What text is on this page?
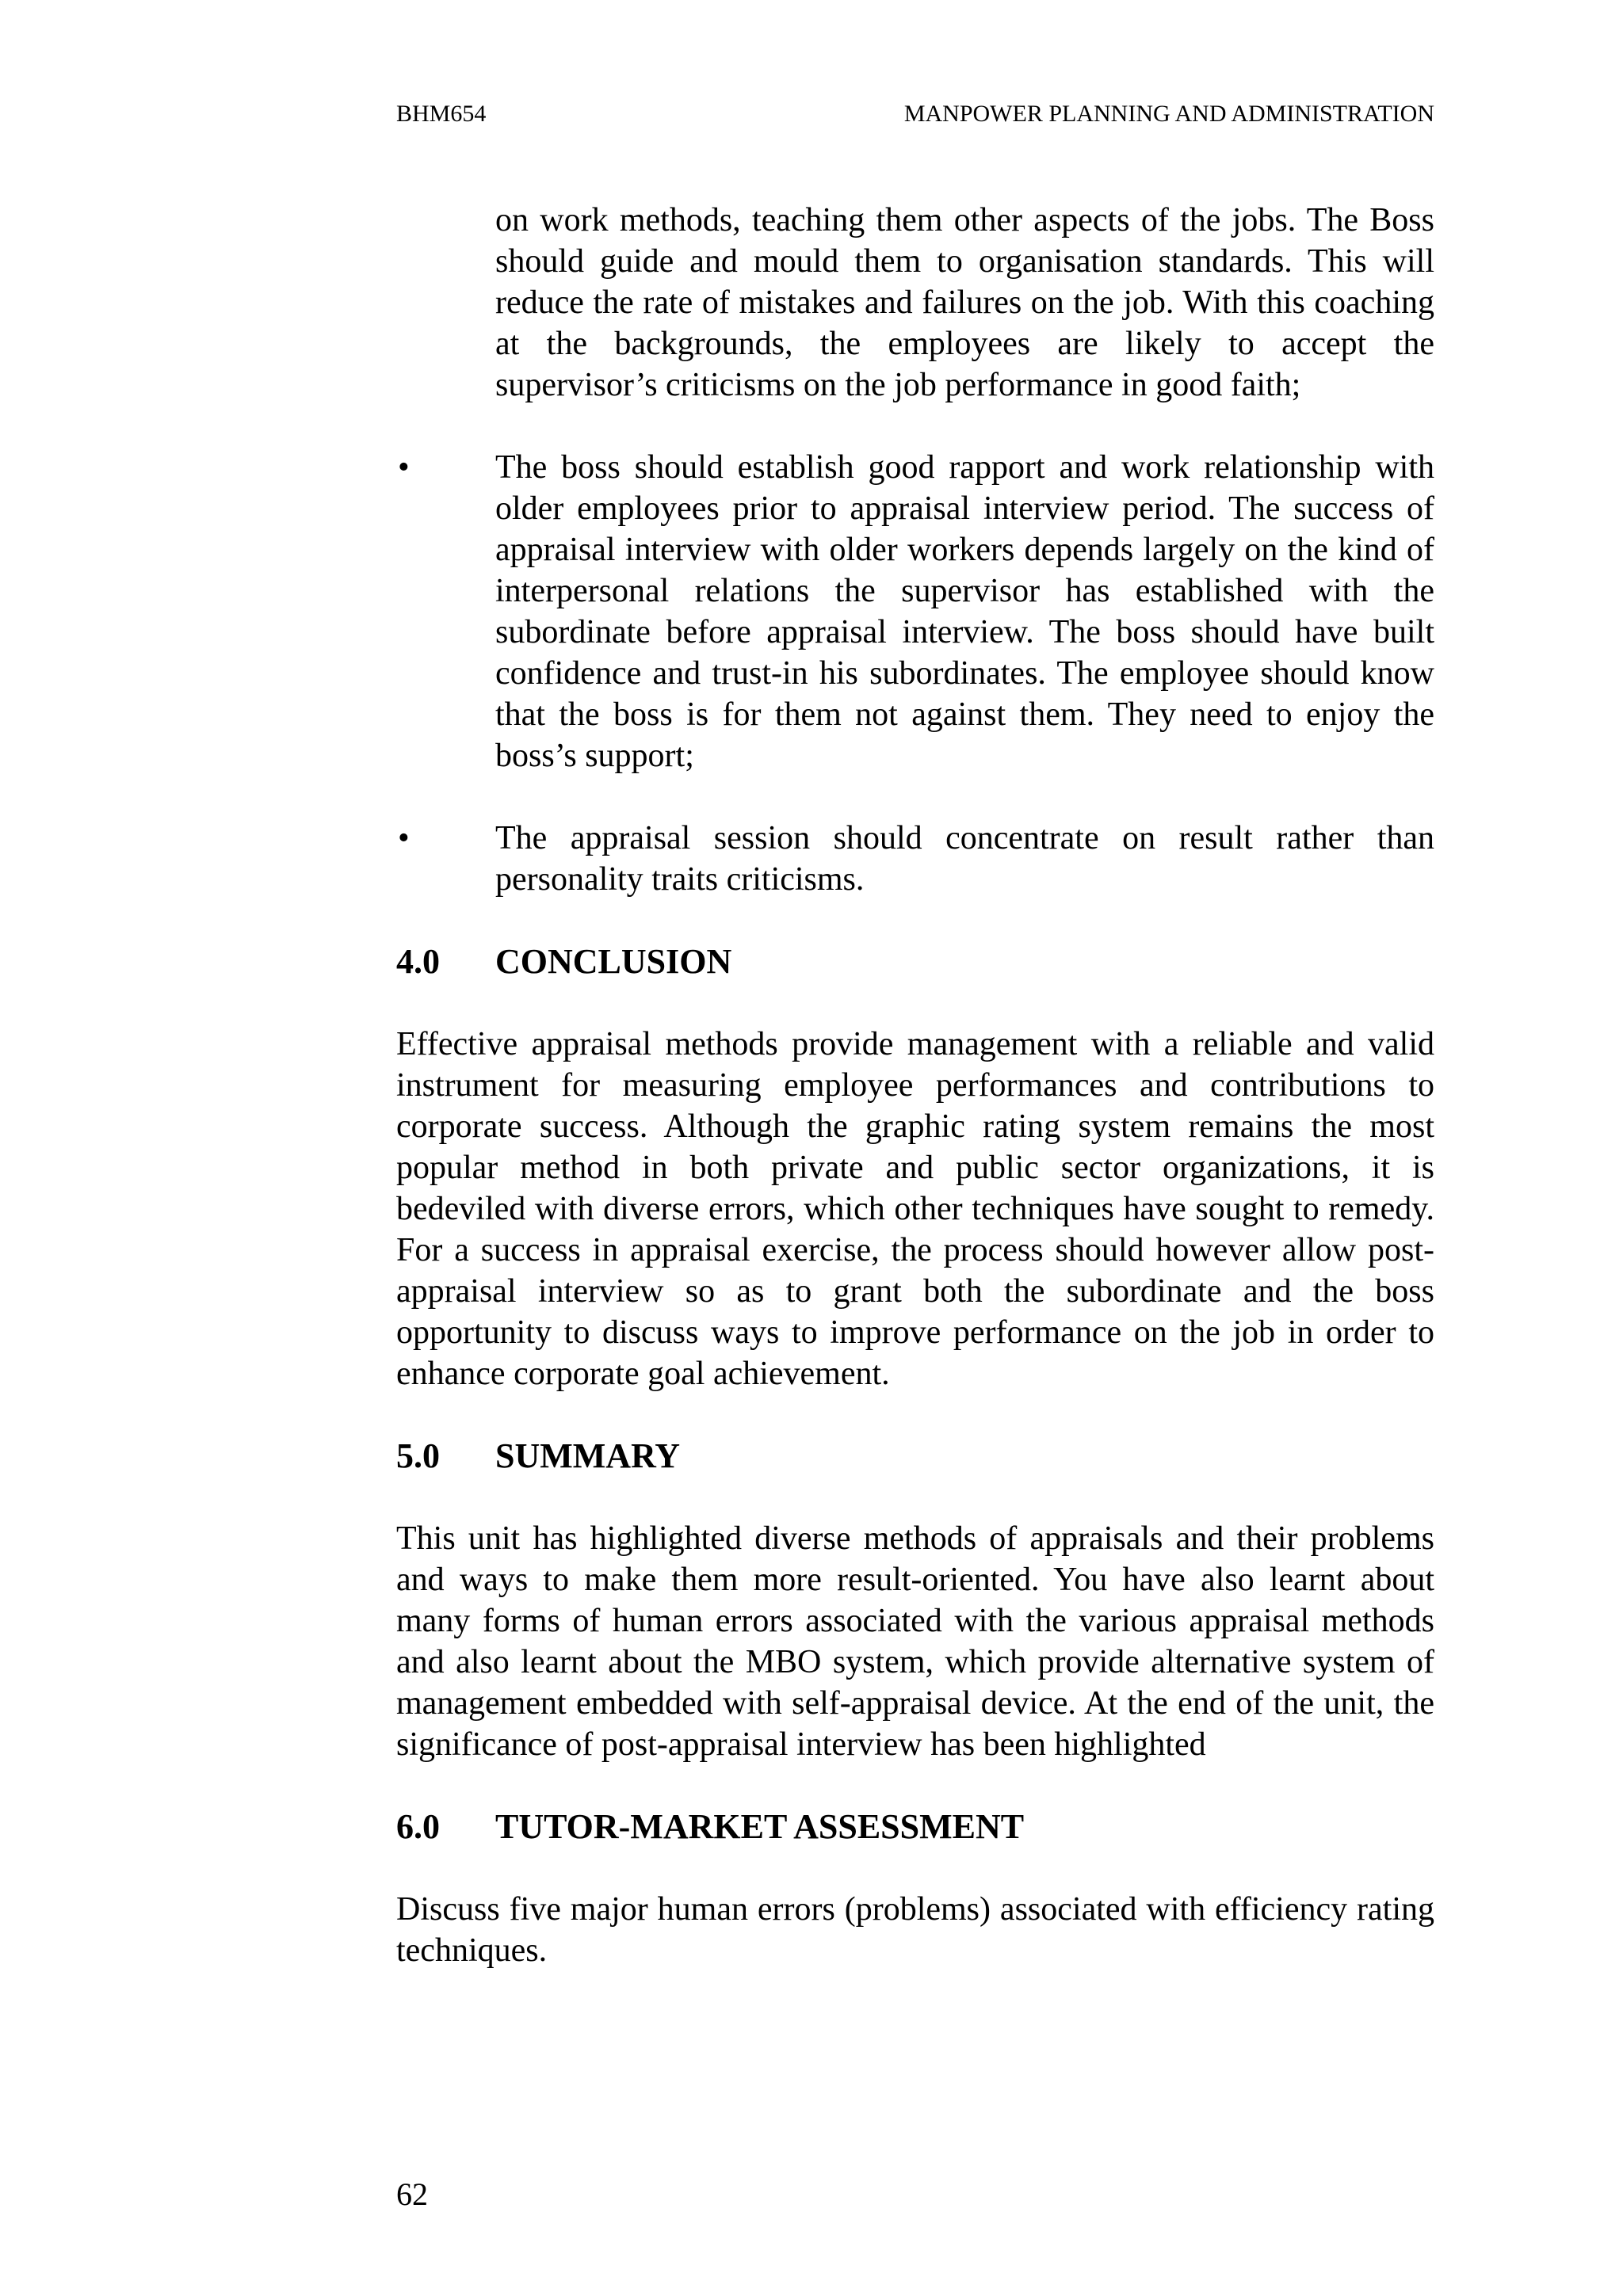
BHM654	MANPOWER PLANNING AND ADMINISTRATION

on work methods, teaching them other aspects of the jobs. The Boss should guide and mould them to organisation standards. This will reduce the rate of mistakes and failures on the job. With this coaching at the backgrounds, the employees are likely to accept the supervisor’s criticisms on the job performance in good faith;

•	The boss should establish good rapport and work relationship with older employees prior to appraisal interview period. The success of appraisal interview with older workers depends largely on the kind of interpersonal relations the supervisor has established with the subordinate before appraisal interview. The boss should have built confidence and trust-in his subordinates. The employee should know that the boss is for them not against them. They need to enjoy the boss’s support;

•	The appraisal session should concentrate on result rather than personality traits criticisms.

4.0	CONCLUSION

Effective appraisal methods provide management with a reliable and valid instrument for measuring employee performances and contributions to corporate success. Although the graphic rating system remains the most popular method in both private and public sector organizations, it is bedeviled with diverse errors, which other techniques have sought to remedy. For a success in appraisal exercise, the process should however allow post-appraisal interview so as to grant both the subordinate and the boss opportunity to discuss ways to improve performance on the job in order to enhance corporate goal achievement.

5.0	SUMMARY

This unit has highlighted diverse methods of appraisals and their problems and ways to make them more result-oriented. You have also learnt about many forms of human errors associated with the various appraisal methods and also learnt about the MBO system, which provide alternative system of management embedded with self-appraisal device. At the end of the unit, the significance of post-appraisal interview has been highlighted

6.0	TUTOR-MARKET ASSESSMENT

Discuss five major human errors (problems) associated with efficiency rating techniques.

62
